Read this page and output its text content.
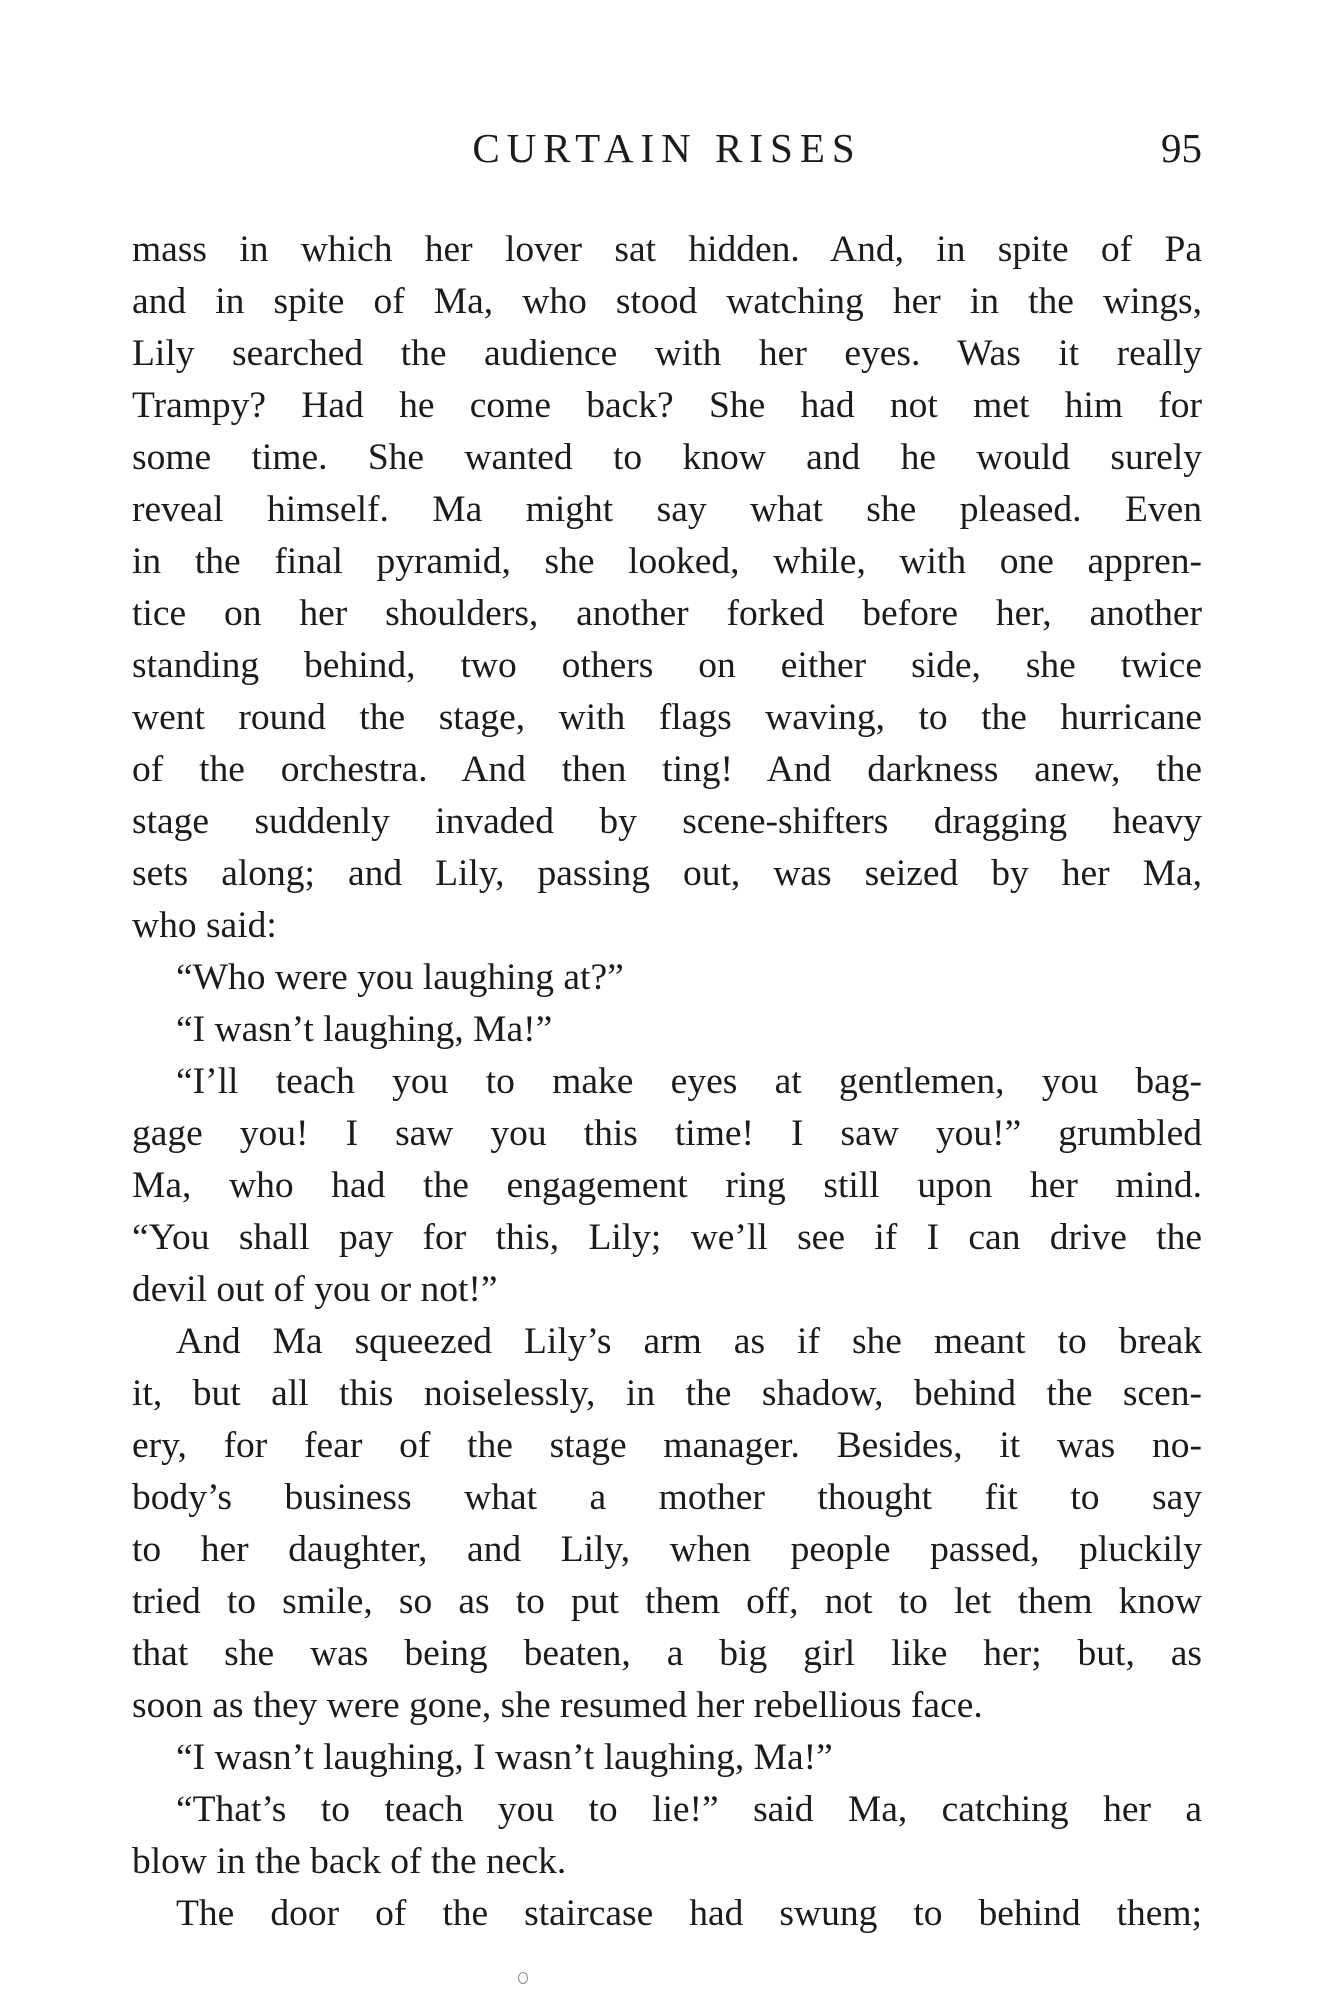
CURTAIN RISES	95
mass in which her lover sat hidden. And, in spite of Pa
and in spite of Ma, who stood watching her in the wings,
Lily searched the audience with her eyes. Was it really
Trampy? Had he come back? She had not met him for
some time. She wanted to know and he would surely
reveal himself. Ma might say what she pleased. Even
in the final pyramid, she looked, while, with one appren-
tice on her shoulders, another forked before her, another
standing behind, two others on either side, she twice
went round the stage, with flags waving, to the hurricane
of the orchestra. And then ting! And darkness anew, the
stage suddenly invaded by scene-shifters dragging heavy
sets along; and Lily, passing out, was seized by her Ma,
who said:
“Who were you laughing at?”
“I wasn’t laughing, Ma!”
“I’ll teach you to make eyes at gentlemen, you bag-
gage you! I saw you this time! I saw you!” grumbled
Ma, who had the engagement ring still upon her mind.
“You shall pay for this, Lily; we’ll see if I can drive the
devil out of you or not!”
And Ma squeezed Lily’s arm as if she meant to break
it, but all this noiselessly, in the shadow, behind the scen-
ery, for fear of the stage manager. Besides, it was no-
body’s business what a mother thought fit to say
to her daughter, and Lily, when people passed, pluckily
tried to smile, so as to put them off, not to let them know
that she was being beaten, a big girl like her; but, as
soon as they were gone, she resumed her rebellious face.
“I wasn’t laughing, I wasn’t laughing, Ma!”
“That’s to teach you to lie!” said Ma, catching her a
blow in the back of the neck.
The door of the staircase had swung to behind them;
